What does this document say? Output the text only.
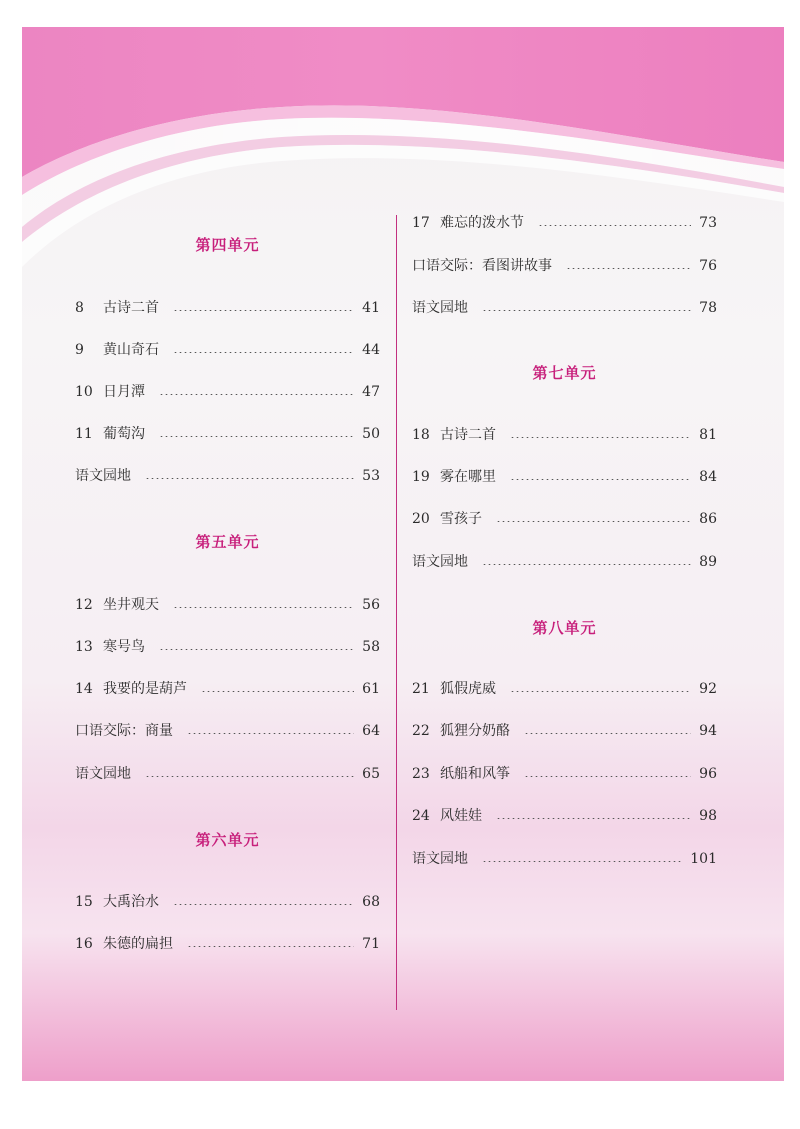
第四单元
8	古诗二首	41
9	黄山奇石	44
10 日月潭	47
11 葡萄沟	50
语文园地	53
第五单元
12 坐井观天	56
13 寒号鸟	58
14 我要的是葫芦	61
口语交际：商量	64
语文园地	65
第六单元
15 大禹治水	68
16 朱德的扁担	71
17 难忘的泼水节	73
口语交际：看图讲故事	76
语文园地	78
第七单元
18 古诗二首	81
19 雾在哪里	84
20 雪孩子	86
语文园地	89
第八单元
21 狐假虎威	92
22 狐狸分奶酪	94
23 纸船和风筝	96
24 风娃娃	98
语文园地	101
